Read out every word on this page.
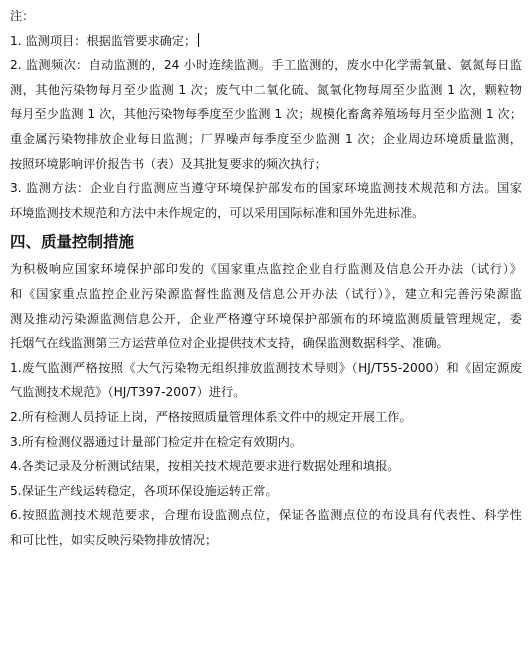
注：
1. 监测项目：根据监管要求确定；
2. 监测频次：自动监测的，24 小时连续监测。手工监测的，废水中化学需氧量、氨氮每日监
测，其他污染物每月至少监测 1 次；废气中二氧化硫、氮氧化物每周至少监测 1 次，颗粒物
每月至少监测 1 次，其他污染物每季度至少监测 1 次；规模化畜禽养殖场每月至少监测 1 次；
重金属污染物排放企业每日监测；厂界噪声每季度至少监测 1 次；企业周边环境质量监测，
按照环境影响评价报告书（表）及其批复要求的频次执行；
3. 监测方法：企业自行监测应当遵守环境保护部发布的国家环境监测技术规范和方法。国家
环境监测技术规范和方法中未作规定的，可以采用国际标准和国外先进标准。
四、质量控制措施
为积极响应国家环境保护部印发的《国家重点监控企业自行监测及信息公开办法（试行）》
和《国家重点监控企业污染源监督性监测及信息公开办法（试行）》，建立和完善污染源监
测及推动污染源监测信息公开，企业严格遵守环境保护部颁布的环境监测质量管理规定，委
托烟气在线监测第三方运营单位对企业提供技术支持，确保监测数据科学、准确。
1.废气监测严格按照《大气污染物无组织排放监测技术导则》（HJ/T55-2000）和《固定源废
气监测技术规范》（HJ/T397-2007）进行。
2.所有检测人员持证上岗，严格按照质量管理体系文件中的规定开展工作。
3.所有检测仪器通过计量部门检定并在检定有效期内。
4.各类记录及分析测试结果，按相关技术规范要求进行数据处理和填报。
5.保证生产线运转稳定，各项环保设施运转正常。
6.按照监测技术规范要求，合理布设监测点位，保证各监测点位的布设具有代表性、科学性
和可比性，如实反映污染物排放情况；
